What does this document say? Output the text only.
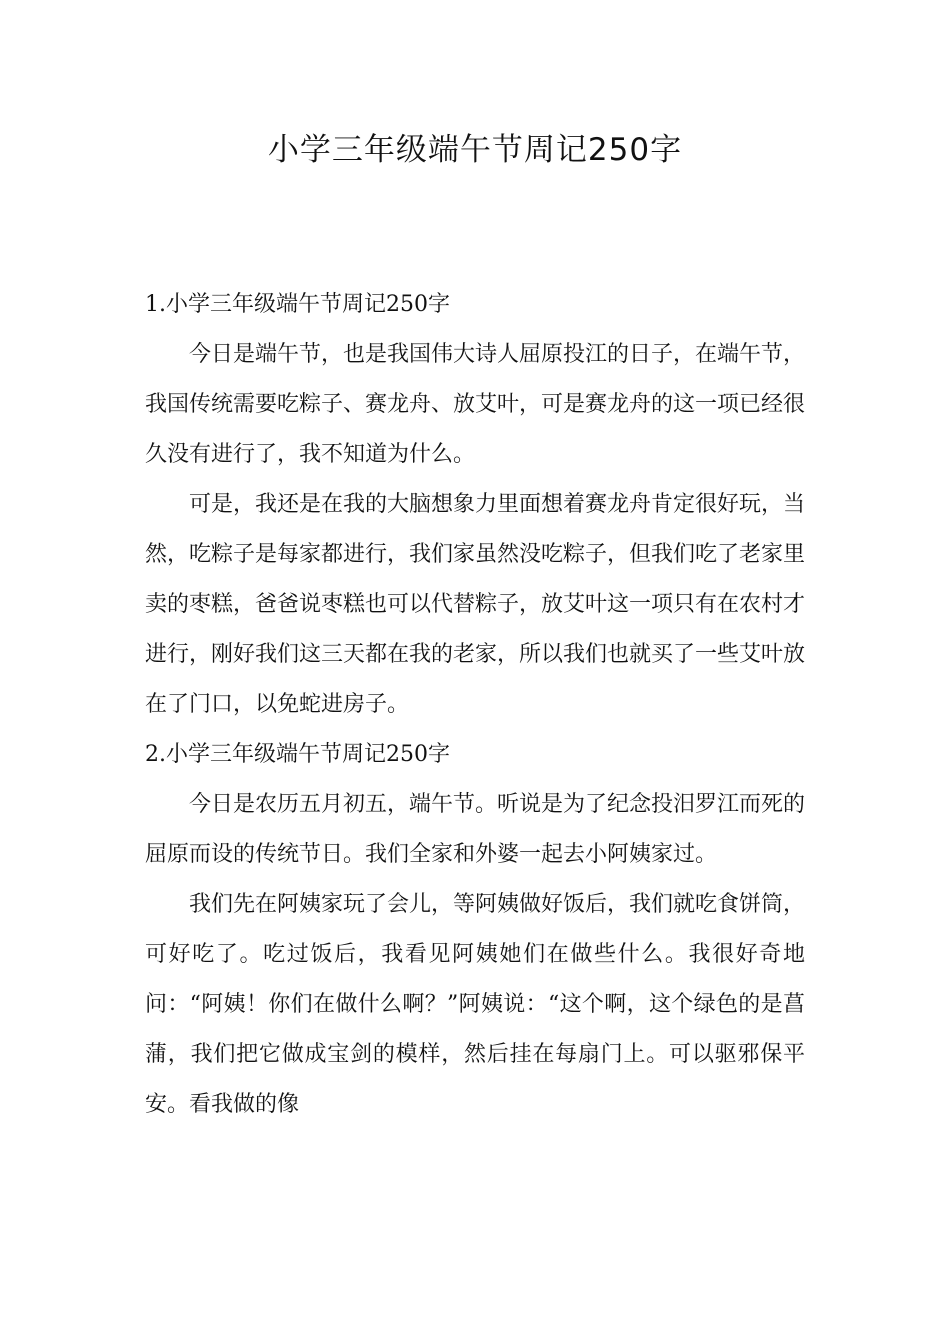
小学三年级端午节周记250字
1.小学三年级端午节周记250字

今日是端午节，也是我国伟大诗人屈原投江的日子，在端午节，我国传统需要吃粽子、赛龙舟、放艾叶，可是赛龙舟的这一项已经很久没有进行了，我不知道为什么。

可是，我还是在我的大脑想象力里面想着赛龙舟肯定很好玩，当然，吃粽子是每家都进行，我们家虽然没吃粽子，但我们吃了老家里卖的枣糕，爸爸说枣糕也可以代替粽子，放艾叶这一项只有在农村才进行，刚好我们这三天都在我的老家，所以我们也就买了一些艾叶放在了门口，以免蛇进房子。

2.小学三年级端午节周记250字

今日是农历五月初五，端午节。听说是为了纪念投汨罗江而死的屈原而设的传统节日。我们全家和外婆一起去小阿姨家过。

我们先在阿姨家玩了会儿，等阿姨做好饭后，我们就吃食饼筒，可好吃了。吃过饭后，我看见阿姨她们在做些什么。我很好奇地问：“阿姨！你们在做什么啊？”阿姨说：“这个啊，这个绿色的是菖蒲，我们把它做成宝剑的模样，然后挂在每扇门上。可以驱邪保平安。看我做的像
